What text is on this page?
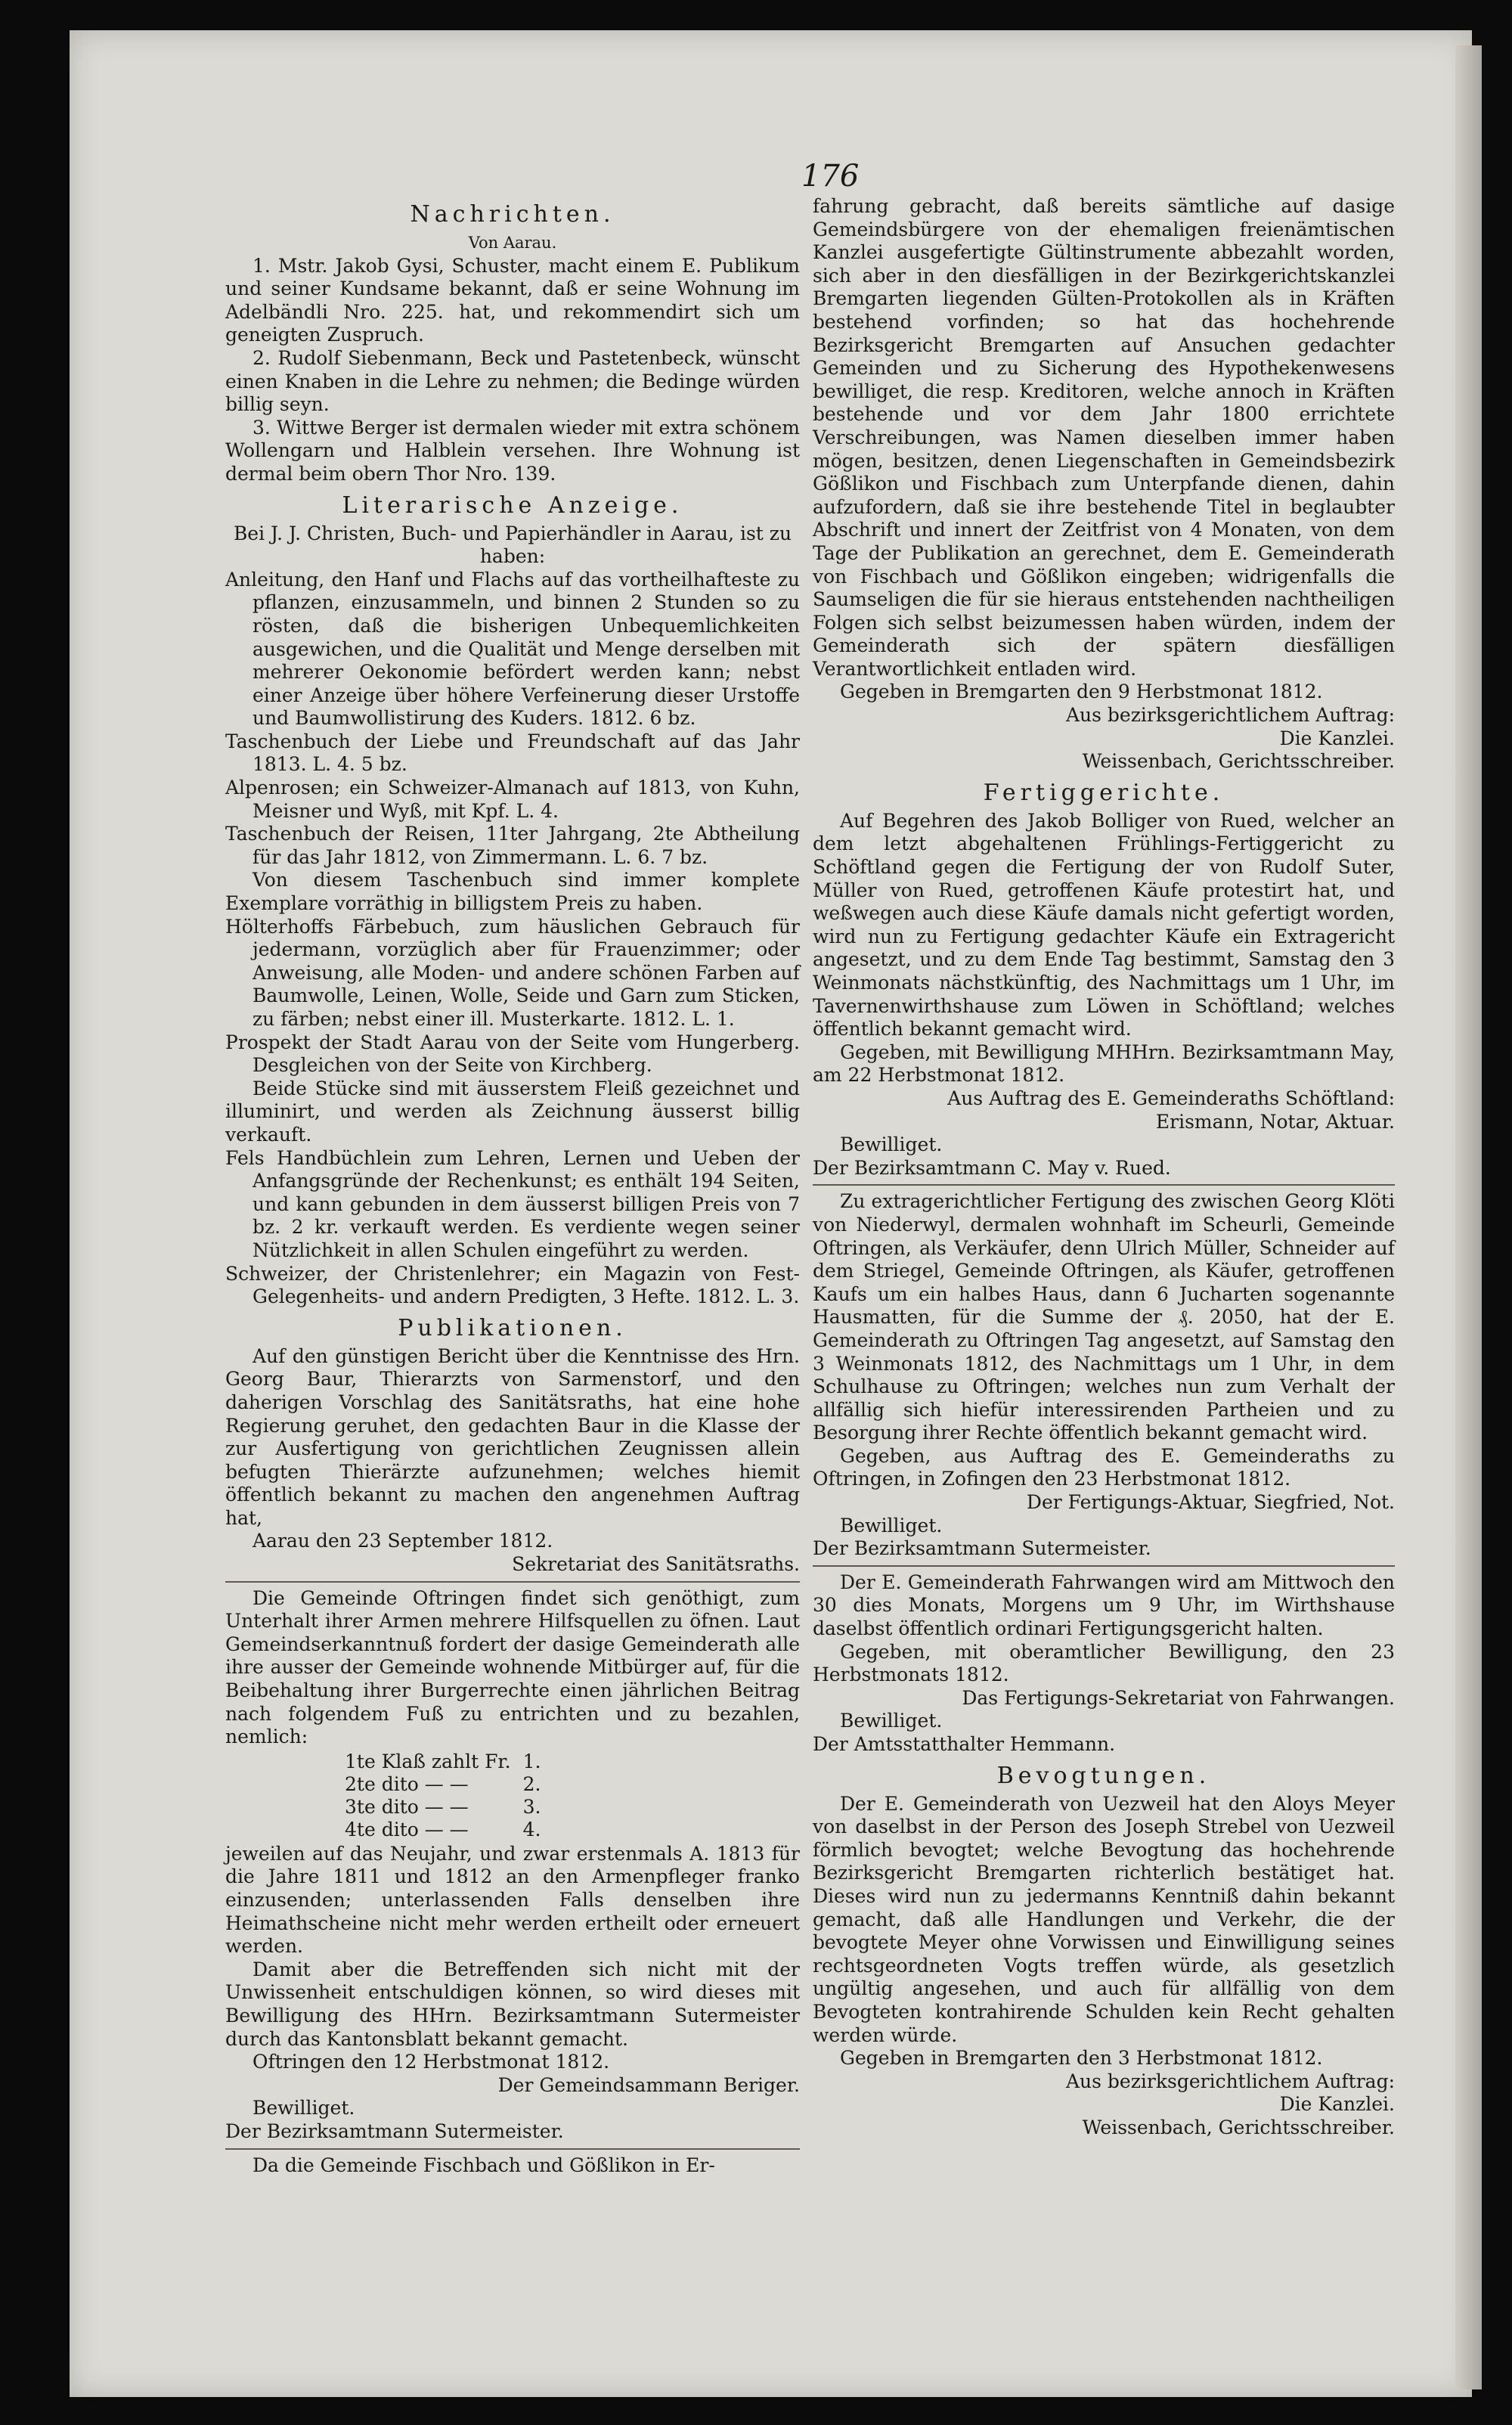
176

Nachrichten.

Von Aarau.

1. Mstr. Jakob Gysi, Schuster, macht einem E. Publikum und seiner Kundsame bekannt, daß er seine Wohnung im Adelbändli Nro. 225. hat, und rekommendirt sich um geneigten Zuspruch.

2. Rudolf Siebenmann, Beck und Pastetenbeck, wünscht einen Knaben in die Lehre zu nehmen; die Bedinge würden billig seyn.

3. Wittwe Berger ist dermalen wieder mit extra schönem Wollengarn und Halblein versehen. Ihre Wohnung ist dermal beim obern Thor Nro. 139.

Literarische Anzeige.

Bei J. J. Christen, Buch- und Papierhändler in Aarau, ist zu haben:

Anleitung, den Hanf und Flachs auf das vortheilhafteste zu pflanzen, einzusammeln, und binnen 2 Stunden so zu rösten, daß die bisherigen Unbequemlichkeiten ausgewichen, und die Qualität und Menge derselben mit mehrerer Oekonomie befördert werden kann; nebst einer Anzeige über höhere Verfeinerung dieser Urstoffe und Baumwollistirung des Kuders. 1812. 6 bz.

Taschenbuch der Liebe und Freundschaft auf das Jahr 1813. L. 4. 5 bz.

Alpenrosen; ein Schweizer-Almanach auf 1813, von Kuhn, Meisner und Wyß, mit Kpf. L. 4.

Taschenbuch der Reisen, 11ter Jahrgang, 2te Abtheilung für das Jahr 1812, von Zimmermann. L. 6. 7 bz.

Von diesem Taschenbuch sind immer komplete Exemplare vorräthig in billigstem Preis zu haben.

Hölterhoffs Färbebuch, zum häuslichen Gebrauch für jedermann, vorzüglich aber für Frauenzimmer; oder Anweisung, alle Moden- und andere schönen Farben auf Baumwolle, Leinen, Wolle, Seide und Garn zum Sticken, zu färben; nebst einer ill. Musterkarte. 1812. L. 1.

Prospekt der Stadt Aarau von der Seite vom Hungerberg. Desgleichen von der Seite von Kirchberg.

Beide Stücke sind mit äusserstem Fleiß gezeichnet und illuminirt, und werden als Zeichnung äusserst billig verkauft.

Fels Handbüchlein zum Lehren, Lernen und Ueben der Anfangsgründe der Rechenkunst; es enthält 194 Seiten, und kann gebunden in dem äusserst billigen Preis von 7 bz. 2 kr. verkauft werden. Es verdiente wegen seiner Nützlichkeit in allen Schulen eingeführt zu werden.

Schweizer, der Christenlehrer; ein Magazin von Fest- Gelegenheits- und andern Predigten, 3 Hefte. 1812. L. 3.

Publikationen.

Auf den günstigen Bericht über die Kenntnisse des Hrn. Georg Baur, Thierarzts von Sarmenstorf, und den daherigen Vorschlag des Sanitätsraths, hat eine hohe Regierung geruhet, den gedachten Baur in die Klasse der zur Ausfertigung von gerichtlichen Zeugnissen allein befugten Thierärzte aufzunehmen; welches hiemit öffentlich bekannt zu machen den angenehmen Auftrag hat,

Aarau den 23 September 1812.

Sekretariat des Sanitätsraths.

Die Gemeinde Oftringen findet sich genöthigt, zum Unterhalt ihrer Armen mehrere Hilfsquellen zu öfnen. Laut Gemeindserkanntnuß fordert der dasige Gemeinderath alle ihre ausser der Gemeinde wohnende Mitbürger auf, für die Beibehaltung ihrer Burgerrechte einen jährlichen Beitrag nach folgendem Fuß zu entrichten und zu bezahlen, nemlich:

1te Klaß zahlt Fr.	1.
2te dito — —	2.
3te dito — —	3.
4te dito — —	4.

jeweilen auf das Neujahr, und zwar erstenmals A. 1813 für die Jahre 1811 und 1812 an den Armenpfleger franko einzusenden; unterlassenden Falls denselben ihre Heimathscheine nicht mehr werden ertheilt oder erneuert werden.

Damit aber die Betreffenden sich nicht mit der Unwissenheit entschuldigen können, so wird dieses mit Bewilligung des HHrn. Bezirksamtmann Sutermeister durch das Kantonsblatt bekannt gemacht.

Oftringen den 12 Herbstmonat 1812.

Der Gemeindsammann Beriger.

Bewilliget.

Der Bezirksamtmann Sutermeister.

Da die Gemeinde Fischbach und Gößlikon in Er-

fahrung gebracht, daß bereits sämtliche auf dasige Gemeindsbürgere von der ehemaligen freienämtischen Kanzlei ausgefertigte Gültinstrumente abbezahlt worden, sich aber in den diesfälligen in der Bezirkgerichtskanzlei Bremgarten liegenden Gülten-Protokollen als in Kräften bestehend vorfinden; so hat das hochehrende Bezirksgericht Bremgarten auf Ansuchen gedachter Gemeinden und zu Sicherung des Hypothekenwesens bewilliget, die resp. Kreditoren, welche annoch in Kräften bestehende und vor dem Jahr 1800 errichtete Verschreibungen, was Namen dieselben immer haben mögen, besitzen, denen Liegenschaften in Gemeindsbezirk Gößlikon und Fischbach zum Unterpfande dienen, dahin aufzufordern, daß sie ihre bestehende Titel in beglaubter Abschrift und innert der Zeitfrist von 4 Monaten, von dem Tage der Publikation an gerechnet, dem E. Gemeinderath von Fischbach und Gößlikon eingeben; widrigenfalls die Saumseligen die für sie hieraus entstehenden nachtheiligen Folgen sich selbst beizumessen haben würden, indem der Gemeinderath sich der spätern diesfälligen Verantwortlichkeit entladen wird.

Gegeben in Bremgarten den 9 Herbstmonat 1812.

Aus bezirksgerichtlichem Auftrag:

Die Kanzlei.

Weissenbach, Gerichtsschreiber.

Fertiggerichte.

Auf Begehren des Jakob Bolliger von Rued, welcher an dem letzt abgehaltenen Frühlings-Fertiggericht zu Schöftland gegen die Fertigung der von Rudolf Suter, Müller von Rued, getroffenen Käufe protestirt hat, und weßwegen auch diese Käufe damals nicht gefertigt worden, wird nun zu Fertigung gedachter Käufe ein Extragericht angesetzt, und zu dem Ende Tag bestimmt, Samstag den 3 Weinmonats nächstkünftig, des Nachmittags um 1 Uhr, im Tavernenwirthshause zum Löwen in Schöftland; welches öffentlich bekannt gemacht wird.

Gegeben, mit Bewilligung MHHrn. Bezirksamtmann May, am 22 Herbstmonat 1812.

Aus Auftrag des E. Gemeinderaths Schöftland:

Erismann, Notar, Aktuar.

Bewilliget.

Der Bezirksamtmann C. May v. Rued.

Zu extragerichtlicher Fertigung des zwischen Georg Klöti von Niederwyl, dermalen wohnhaft im Scheurli, Gemeinde Oftringen, als Verkäufer, denn Ulrich Müller, Schneider auf dem Striegel, Gemeinde Oftringen, als Käufer, getroffenen Kaufs um ein halbes Haus, dann 6 Jucharten sogenannte Hausmatten, für die Summe der ₰. 2050, hat der E. Gemeinderath zu Oftringen Tag angesetzt, auf Samstag den 3 Weinmonats 1812, des Nachmittags um 1 Uhr, in dem Schulhause zu Oftringen; welches nun zum Verhalt der allfällig sich hiefür interessirenden Partheien und zu Besorgung ihrer Rechte öffentlich bekannt gemacht wird.

Gegeben, aus Auftrag des E. Gemeinderaths zu Oftringen, in Zofingen den 23 Herbstmonat 1812.

Der Fertigungs-Aktuar, Siegfried, Not.

Bewilliget.

Der Bezirksamtmann Sutermeister.

Der E. Gemeinderath Fahrwangen wird am Mittwoch den 30 dies Monats, Morgens um 9 Uhr, im Wirthshause daselbst öffentlich ordinari Fertigungsgericht halten.

Gegeben, mit oberamtlicher Bewilligung, den 23 Herbstmonats 1812.

Das Fertigungs-Sekretariat von Fahrwangen.

Bewilliget.

Der Amtsstatthalter Hemmann.

Bevogtungen.

Der E. Gemeinderath von Uezweil hat den Aloys Meyer von daselbst in der Person des Joseph Strebel von Uezweil förmlich bevogtet; welche Bevogtung das hochehrende Bezirksgericht Bremgarten richterlich bestätiget hat. Dieses wird nun zu jedermanns Kenntniß dahin bekannt gemacht, daß alle Handlungen und Verkehr, die der bevogtete Meyer ohne Vorwissen und Einwilligung seines rechtsgeordneten Vogts treffen würde, als gesetzlich ungültig angesehen, und auch für allfällig von dem Bevogteten kontrahirende Schulden kein Recht gehalten werden würde.

Gegeben in Bremgarten den 3 Herbstmonat 1812.

Aus bezirksgerichtlichem Auftrag:

Die Kanzlei.

Weissenbach, Gerichtsschreiber.
